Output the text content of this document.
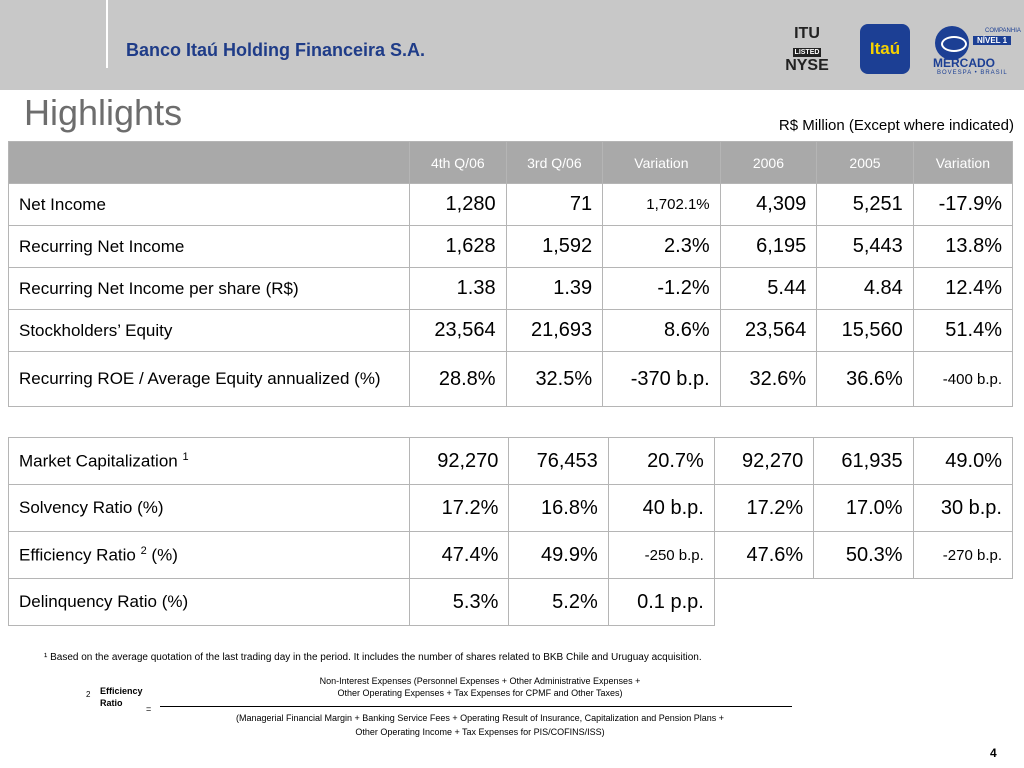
Banco Itaú Holding Financeira S.A.
ITU
LISTED
NYSE
Itaú
COMPANHIA
NÍVEL 1
MERCADO
BOVESPA • BRASIL
Highlights	R$ Million (Except where indicated)
	4th Q/06	3rd Q/06	Variation	2006	2005	Variation
Net Income	1,280	71	1,702.1%	4,309	5,251	-17.9%
Recurring Net Income	1,628	1,592	2.3%	6,195	5,443	13.8%
Recurring Net Income per share (R$)	1.38	1.39	-1.2%	5.44	4.84	12.4%
Stockholders’ Equity	23,564	21,693	8.6%	23,564	15,560	51.4%
Recurring ROE / Average Equity annualized (%)	28.8%	32.5%	-370 b.p.	32.6%	36.6%	-400 b.p.
Market Capitalization $^1$	92,270	76,453	20.7%	92,270	61,935	49.0%
Solvency Ratio (%)	17.2%	16.8%	40 b.p.	17.2%	17.0%	30 b.p.
Efficiency Ratio $^2$ (%)	47.4%	49.9%	-250 b.p.	47.6%	50.3%	-270 b.p.
Delinquency Ratio (%)	5.3%	5.2%	0.1 p.p.			
¹ Based on the average quotation of the last trading day in the period. It includes the number of shares related to BKB Chile and Uruguay acquisition.
2 Efficiency
Ratio
=
Non-Interest Expenses (Personnel Expenses + Other Administrative Expenses +
Other Operating Expenses + Tax Expenses for CPMF and Other Taxes)
(Managerial Financial Margin + Banking Service Fees + Operating Result of Insurance, Capitalization and Pension Plans +
Other Operating Income + Tax Expenses for PIS/COFINS/ISS)
4
